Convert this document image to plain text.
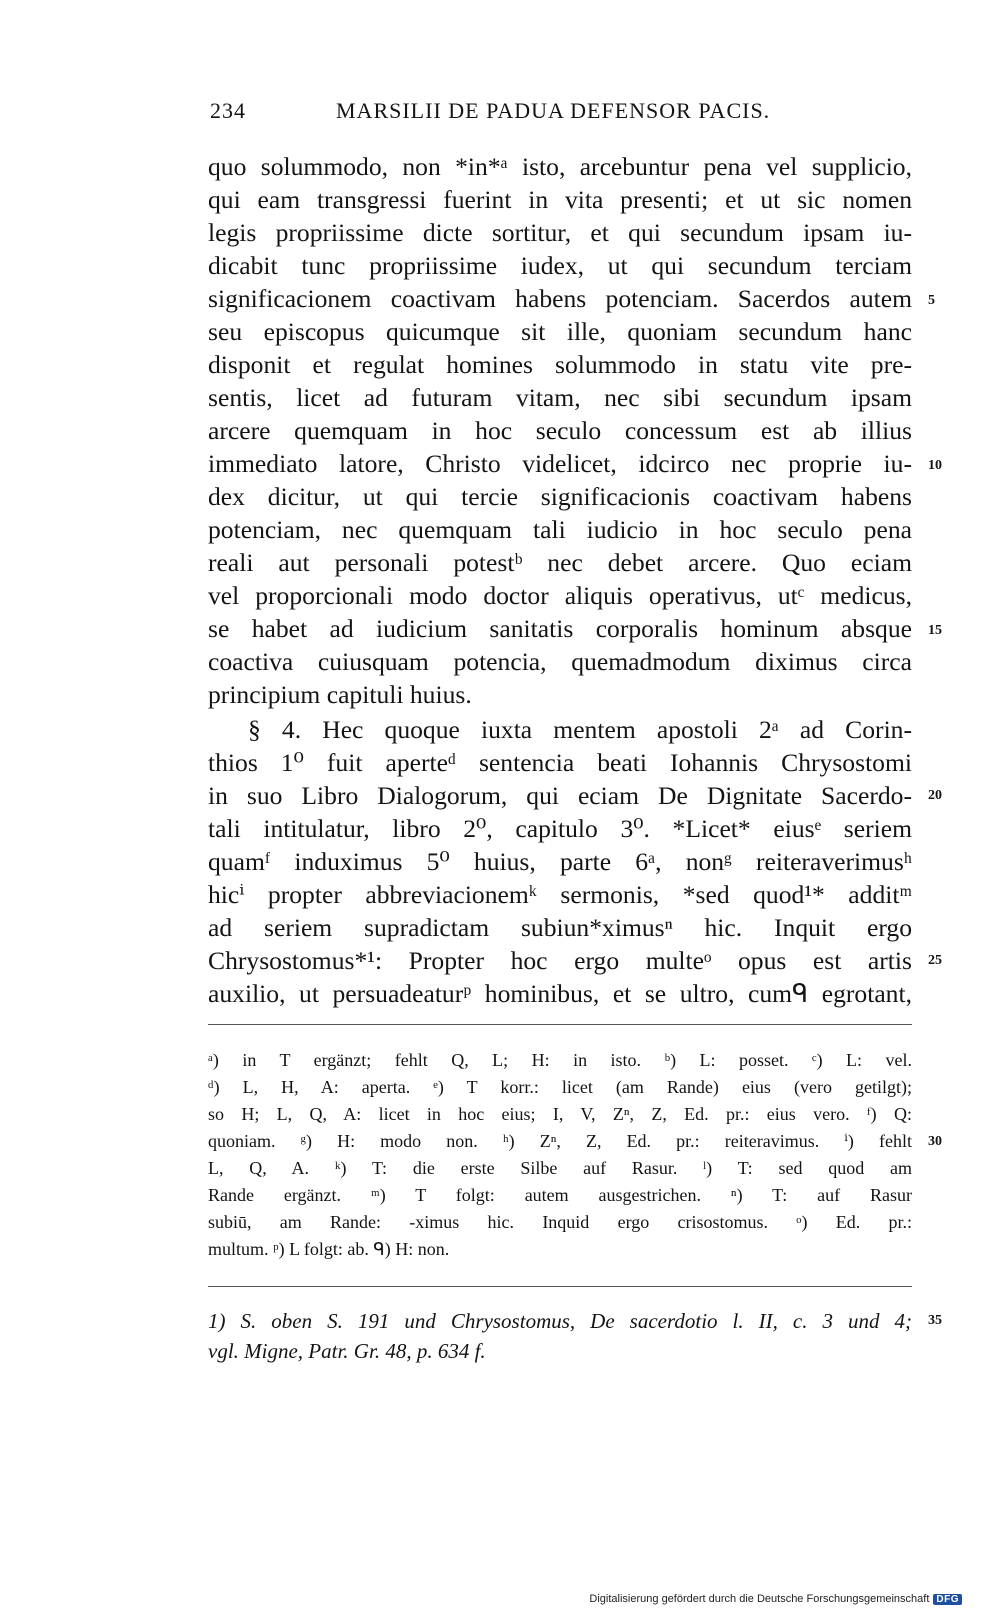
234	MARSILII DE PADUA DEFENSOR PACIS.
quo solummodo, non *in*ᵃ isto, arcebuntur pena vel supplicio,
qui eam transgressi fuerint in vita presenti; et ut sic nomen
legis propriissime dicte sortitur, et qui secundum ipsam iu-
dicabit tunc propriissime iudex, ut qui secundum terciam
significacionem coactivam habens potenciam. Sacerdos autem
seu episcopus quicumque sit ille, quoniam secundum hanc
disponit et regulat homines solummodo in statu vite pre-
sentis, licet ad futuram vitam, nec sibi secundum ipsam
arcere quemquam in hoc seculo concessum est ab illius
immediato latore, Christo videlicet, idcirco nec proprie iu-
dex dicitur, ut qui tercie significacionis coactivam habens
potenciam, nec quemquam tali iudicio in hoc seculo pena
reali aut personali potestᵇ nec debet arcere. Quo eciam
vel proporcionali modo doctor aliquis operativus, utᶜ medicus,
se habet ad iudicium sanitatis corporalis hominum absque
coactiva cuiusquam potencia, quemadmodum diximus circa
principium capituli huius.
§ 4. Hec quoque iuxta mentem apostoli 2ᵃ ad Corin-
thios 1⁰ fuit aperteᵈ sentencia beati Iohannis Chrysostomi
in suo Libro Dialogorum, qui eciam De Dignitate Sacerdo-
tali intitulatur, libro 2⁰, capitulo 3⁰. *Licet* eiusᵉ seriem
quamᶠ induximus 5⁰ huius, parte 6ᵃ, nonᵍ reiteraverimusʰ
hicⁱ propter abbreviacionemᵏ sermonis, *sed quod¹* additᵐ
ad seriem supradictam subiun*ximusⁿ hic. Inquit ergo
Chrysostomus*¹: Propter hoc ergo multeᵒ opus est artis
auxilio, ut persuadeaturᵖ hominibus, et se ultro, cumᑫ egrotant,
5
10
15
20
25
ᵃ) in T ergänzt; fehlt Q, L; H: in isto. ᵇ) L: posset. ᶜ) L: vel.
ᵈ) L, H, A: aperta. ᵉ) T korr.: licet (am Rande) eius (vero getilgt);
so H; L, Q, A: licet in hoc eius; I, V, Zⁿ, Z, Ed. pr.: eius vero. ᶠ) Q:
quoniam. ᵍ) H: modo non. ʰ) Zⁿ, Z, Ed. pr.: reiteravimus. ⁱ) fehlt
L, Q, A. ᵏ) T: die erste Silbe auf Rasur. ˡ) T: sed quod am
Rande ergänzt. ᵐ) T folgt: autem ausgestrichen. ⁿ) T: auf Rasur
subiū, am Rande: -ximus hic. Inquid ergo crisostomus. ᵒ) Ed. pr.:
multum. ᵖ) L folgt: ab. ᑫ) H: non.
30
1) S. oben S. 191 und Chrysostomus, De sacerdotio l. II, c. 3 und 4;
vgl. Migne, Patr. Gr. 48, p. 634 f.
35
Digitalisierung gefördert durch die Deutsche Forschungsgemeinschaft DFG
